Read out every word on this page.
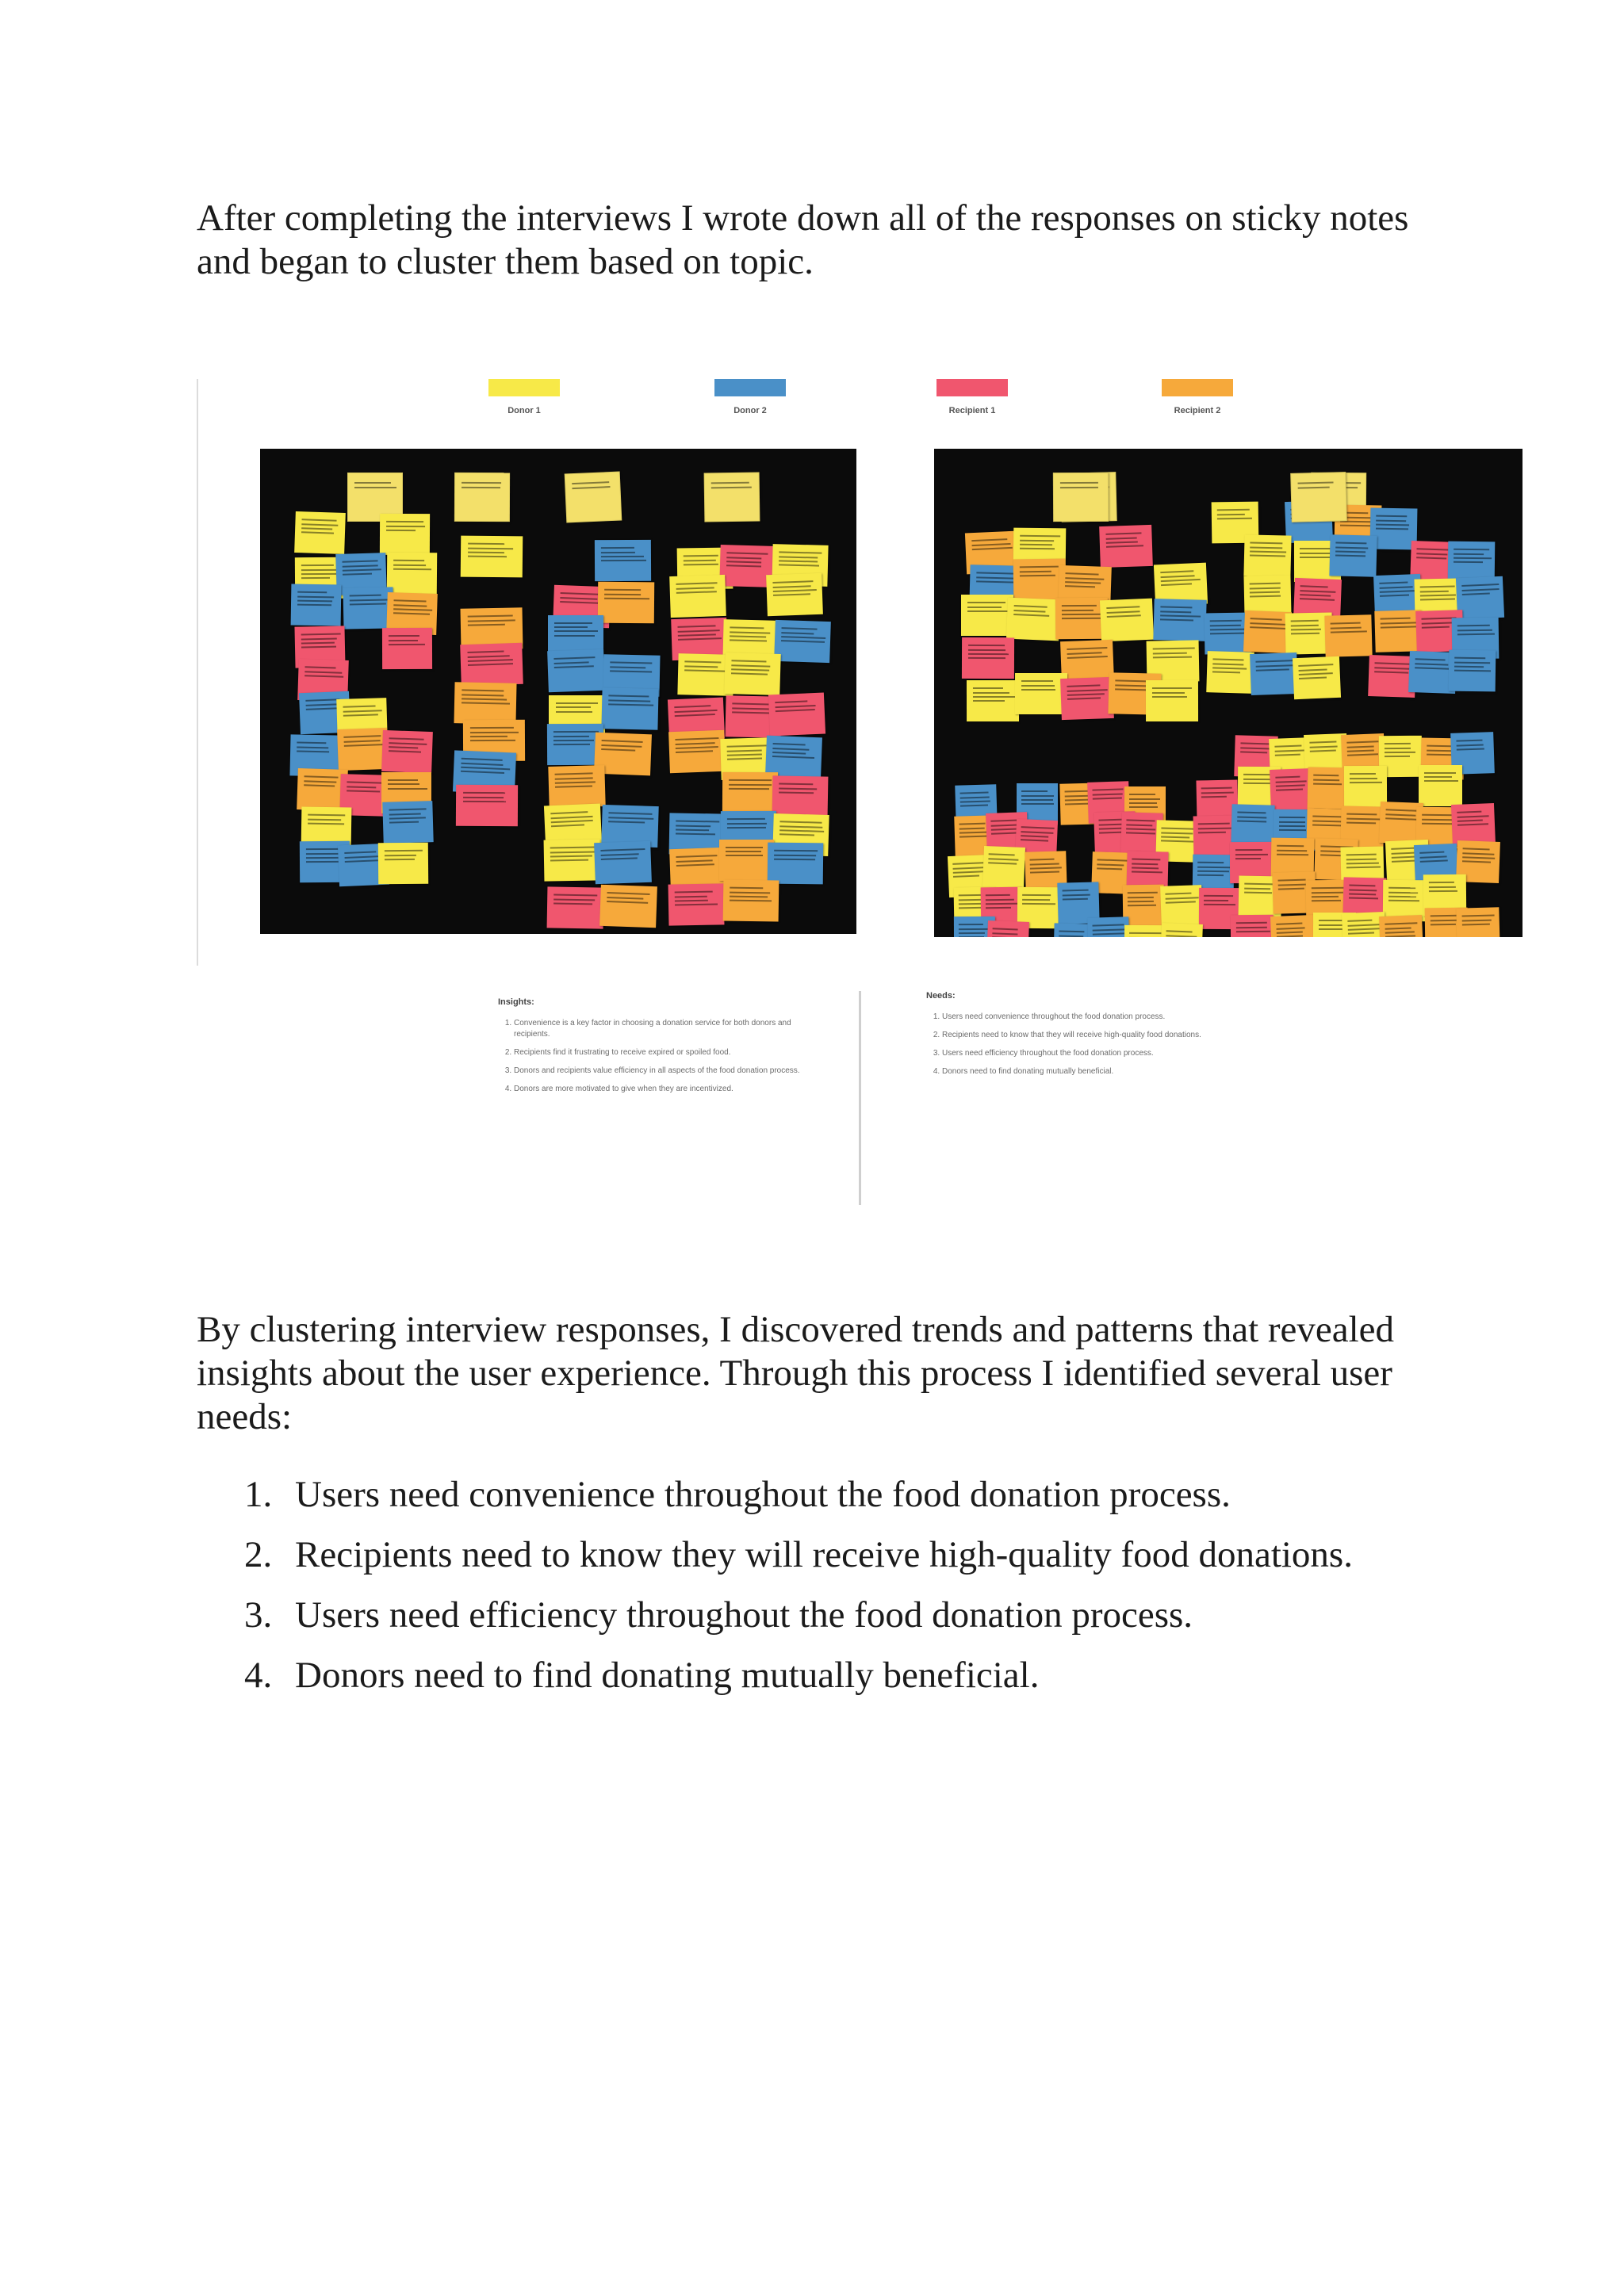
After completing the interviews I wrote down all of the responses on sticky notes and began to cluster them based on topic.

Donor 1	Donor 2	Recipient 1	Recipient 2
Insights:
1. Convenience is a key factor in choosing a donation service for both donors and recipients.
2. Recipients find it frustrating to receive expired or spoiled food.
3. Donors and recipients value efficiency in all aspects of the food donation process.
4. Donors are more motivated to give when they are incentivized.
Needs:
1. Users need convenience throughout the food donation process.
2. Recipients need to know that they will receive high-quality food donations.
3. Users need efficiency throughout the food donation process.
4. Donors need to find donating mutually beneficial.

By clustering interview responses, I discovered trends and patterns that revealed insights about the user experience. Through this process I identified several user needs:

1. Users need convenience throughout the food donation process.
2. Recipients need to know they will receive high-quality food donations.
3. Users need efficiency throughout the food donation process.
4. Donors need to find donating mutually beneficial.
